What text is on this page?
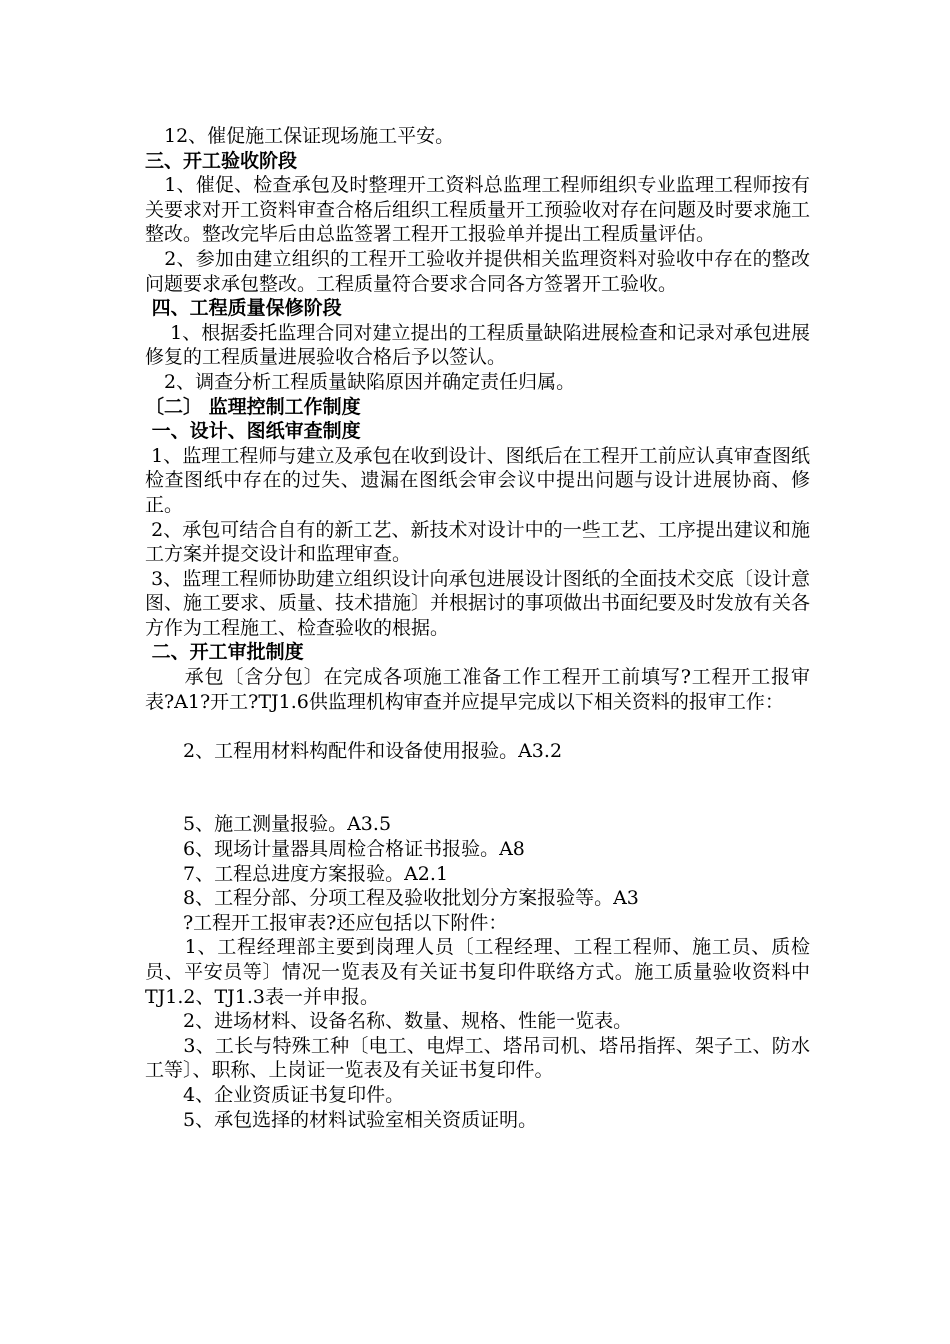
　12、催促施工保证现场施工平安。

三、开工验收阶段

　1、催促、检查承包及时整理开工资料总监理工程师组织专业监理工程师按有关要求对开工资料审查合格后组织工程质量开工预验收对存在问题及时要求施工整改。整改完毕后由总监签署工程开工报验单并提出工程质量评估。

　2、参加由建立组织的工程开工验收并提供相关监理资料对验收中存在的整改问题要求承包整改。工程质量符合要求合同各方签署开工验收。

四、工程质量保修阶段

　 1、根据委托监理合同对建立提出的工程质量缺陷进展检查和记录对承包进展修复的工程质量进展验收合格后予以签认。

　2、调查分析工程质量缺陷原因并确定责任归属。

〔二〕 监理控制工作制度

一、设计、图纸审查制度

1、监理工程师与建立及承包在收到设计、图纸后在工程开工前应认真审查图纸检查图纸中存在的过失、遗漏在图纸会审会议中提出问题与设计进展协商、修正。

2、承包可结合自有的新工艺、新技术对设计中的一些工艺、工序提出建议和施工方案并提交设计和监理审查。

3、监理工程师协助建立组织设计向承包进展设计图纸的全面技术交底〔设计意图、施工要求、质量、技术措施〕并根据讨的事项做出书面纪要及时发放有关各方作为工程施工、检查验收的根据。

二、开工审批制度

　　承包〔含分包〕在完成各项施工准备工作工程开工前填写?工程开工报审表?A1?开工?TJ1.6供监理机构审查并应提早完成以下相关资料的报审工作：

　　2、工程用材料构配件和设备使用报验。A3.2

　　5、施工测量报验。A3.5

　　6、现场计量器具周检合格证书报验。A8

　　7、工程总进度方案报验。A2.1

　　8、工程分部、分项工程及验收批划分方案报验等。A3

　　?工程开工报审表?还应包括以下附件：

　　1、工程经理部主要到岗理人员〔工程经理、工程工程师、施工员、质检员、平安员等〕情况一览表及有关证书复印件联络方式。施工质量验收资料中TJ1.2、TJ1.3表一并申报。

　　2、进场材料、设备名称、数量、规格、性能一览表。

　　3、工长与特殊工种〔电工、电焊工、塔吊司机、塔吊指挥、架子工、防水工等〕、职称、上岗证一览表及有关证书复印件。

　　4、企业资质证书复印件。

　　5、承包选择的材料试验室相关资质证明。
